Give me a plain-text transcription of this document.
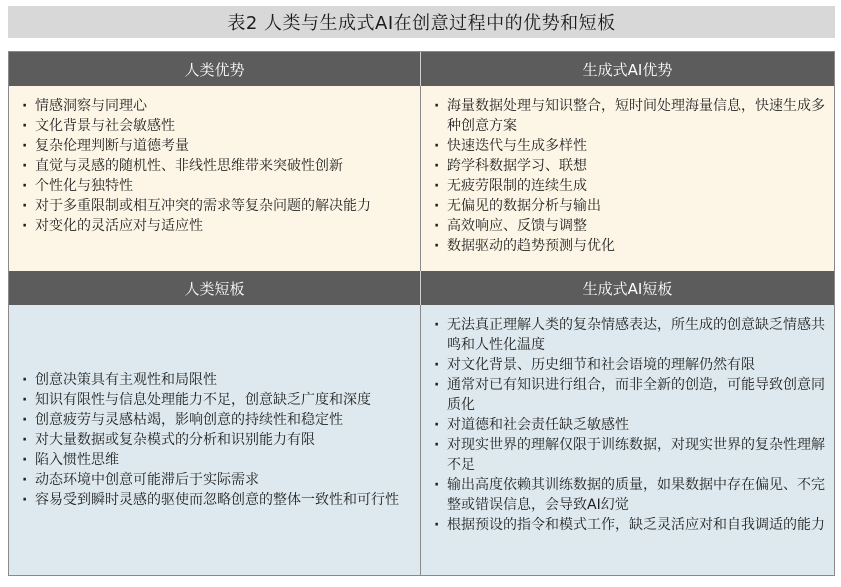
表2 人类与生成式AI在创意过程中的优势和短板
人类优势	生成式AI优势
· 情感洞察与同理心
· 文化背景与社会敏感性
· 复杂伦理判断与道德考量
· 直觉与灵感的随机性、非线性思维带来突破性创新
· 个性化与独特性
· 对于多重限制或相互冲突的需求等复杂问题的解决能力
· 对变化的灵活应对与适应性
· 海量数据处理与知识整合，短时间处理海量信息，快速生成多种创意方案
· 快速迭代与生成多样性
· 跨学科数据学习、联想
· 无疲劳限制的连续生成
· 无偏见的数据分析与输出
· 高效响应、反馈与调整
· 数据驱动的趋势预测与优化
人类短板	生成式AI短板
· 创意决策具有主观性和局限性
· 知识有限性与信息处理能力不足，创意缺乏广度和深度
· 创意疲劳与灵感枯竭，影响创意的持续性和稳定性
· 对大量数据或复杂模式的分析和识别能力有限
· 陷入惯性思维
· 动态环境中创意可能滞后于实际需求
· 容易受到瞬时灵感的驱使而忽略创意的整体一致性和可行性
· 无法真正理解人类的复杂情感表达，所生成的创意缺乏情感共鸣和人性化温度
· 对文化背景、历史细节和社会语境的理解仍然有限
· 通常对已有知识进行组合，而非全新的创造，可能导致创意同质化
· 对道德和社会责任缺乏敏感性
· 对现实世界的理解仅限于训练数据，对现实世界的复杂性理解不足
· 输出高度依赖其训练数据的质量，如果数据中存在偏见、不完整或错误信息，会导致AI幻觉
· 根据预设的指令和模式工作，缺乏灵活应对和自我调适的能力
